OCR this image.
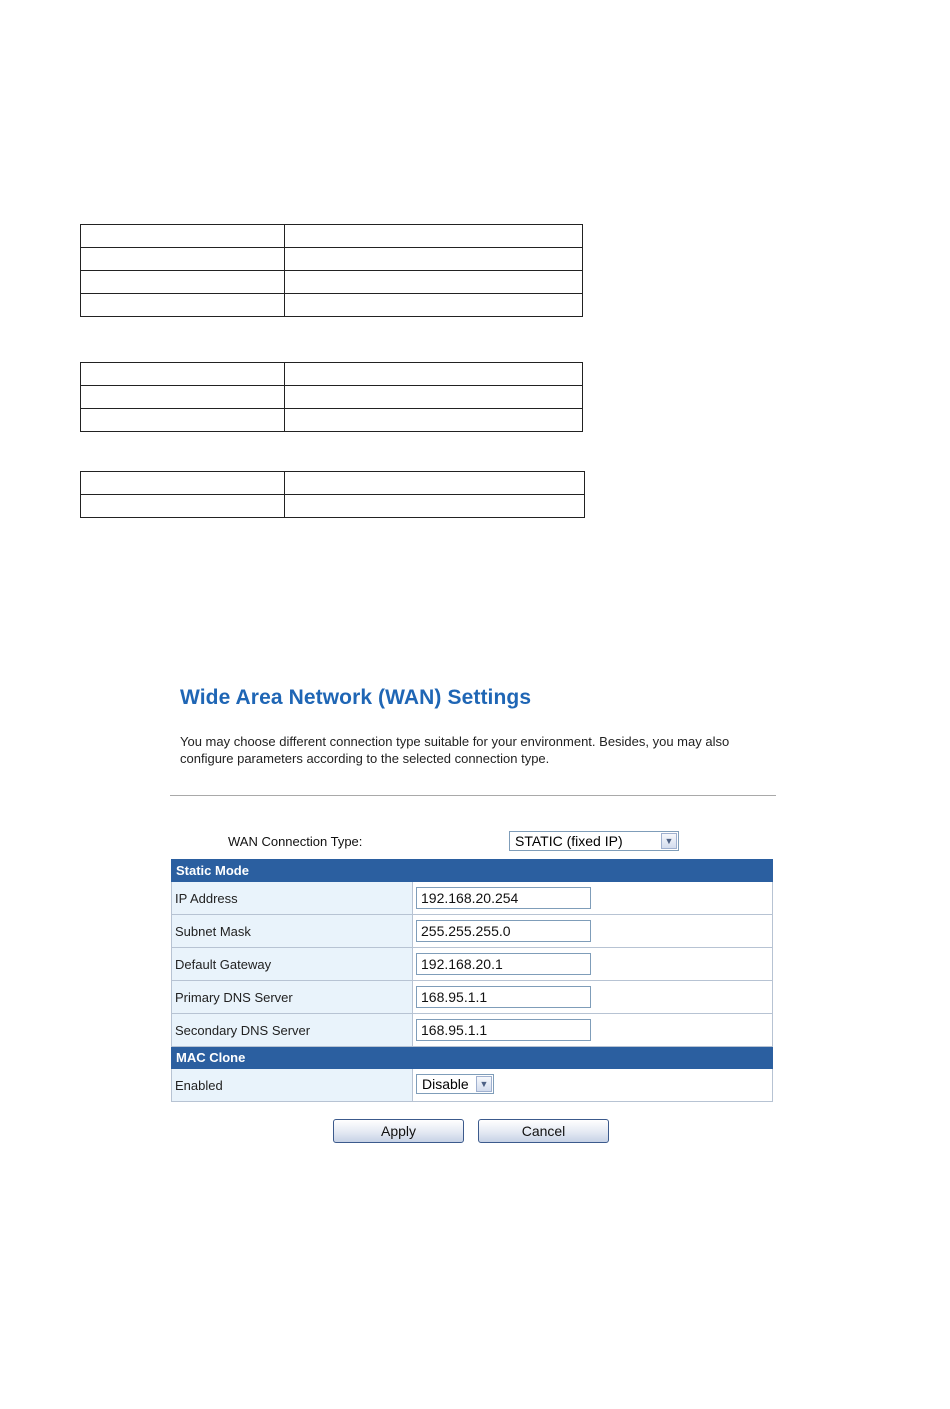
Wide Area Network (WAN) Settings
You may choose different connection type suitable for your environment. Besides, you may also configure parameters according to the selected connection type.
WAN Connection Type:	STATIC (fixed IP)	▼
Static Mode	
IP Address	192.168.20.254

Subnet Mask	255.255.255.0

Default Gateway	192.168.20.1

Primary DNS Server	168.95.1.1

Secondary DNS Server	168.95.1.1

MAC Clone	
Enabled	Disable ▼
Apply	Cancel
